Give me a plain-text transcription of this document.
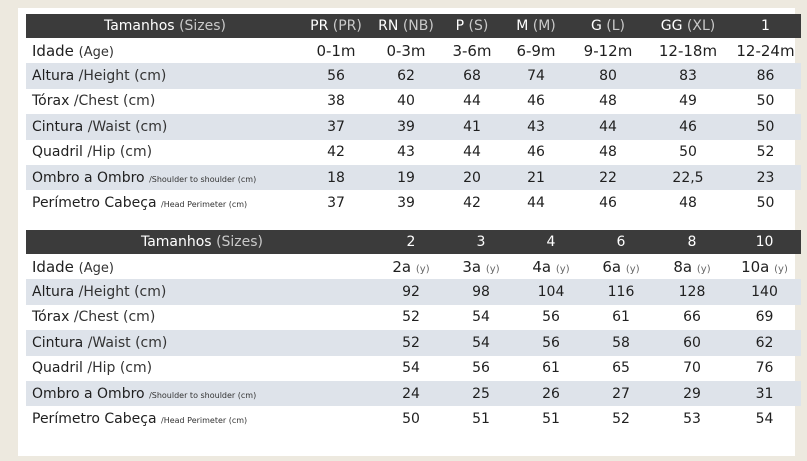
Tamanhos (Sizes)	PR (PR)	RN (NB)	P (S)	M (M)	G (L)	GG (XL)	1
Idade (Age)	0-1m	0-3m	3-6m	6-9m	9-12m	12-18m	12-24m
Altura /Height (cm)	56	62	68	74	80	83	86
Tórax /Chest (cm)	38	40	44	46	48	49	50
Cintura /Waist (cm)	37	39	41	43	44	46	50
Quadril /Hip (cm)	42	43	44	46	48	50	52
Ombro a Ombro /Shoulder to shoulder (cm)	18	19	20	21	22	22,5	23
Perímetro Cabeça /Head Perimeter (cm)	37	39	42	44	46	48	50
Tamanhos (Sizes)	2	3	4	6	8	10
Idade (Age)	2a (y)	3a (y)	4a (y)	6a (y)	8a (y)	10a (y)
Altura /Height (cm)	92	98	104	116	128	140
Tórax /Chest (cm)	52	54	56	61	66	69
Cintura /Waist (cm)	52	54	56	58	60	62
Quadril /Hip (cm)	54	56	61	65	70	76
Ombro a Ombro /Shoulder to shoulder (cm)	24	25	26	27	29	31
Perímetro Cabeça /Head Perimeter (cm)	50	51	51	52	53	54
